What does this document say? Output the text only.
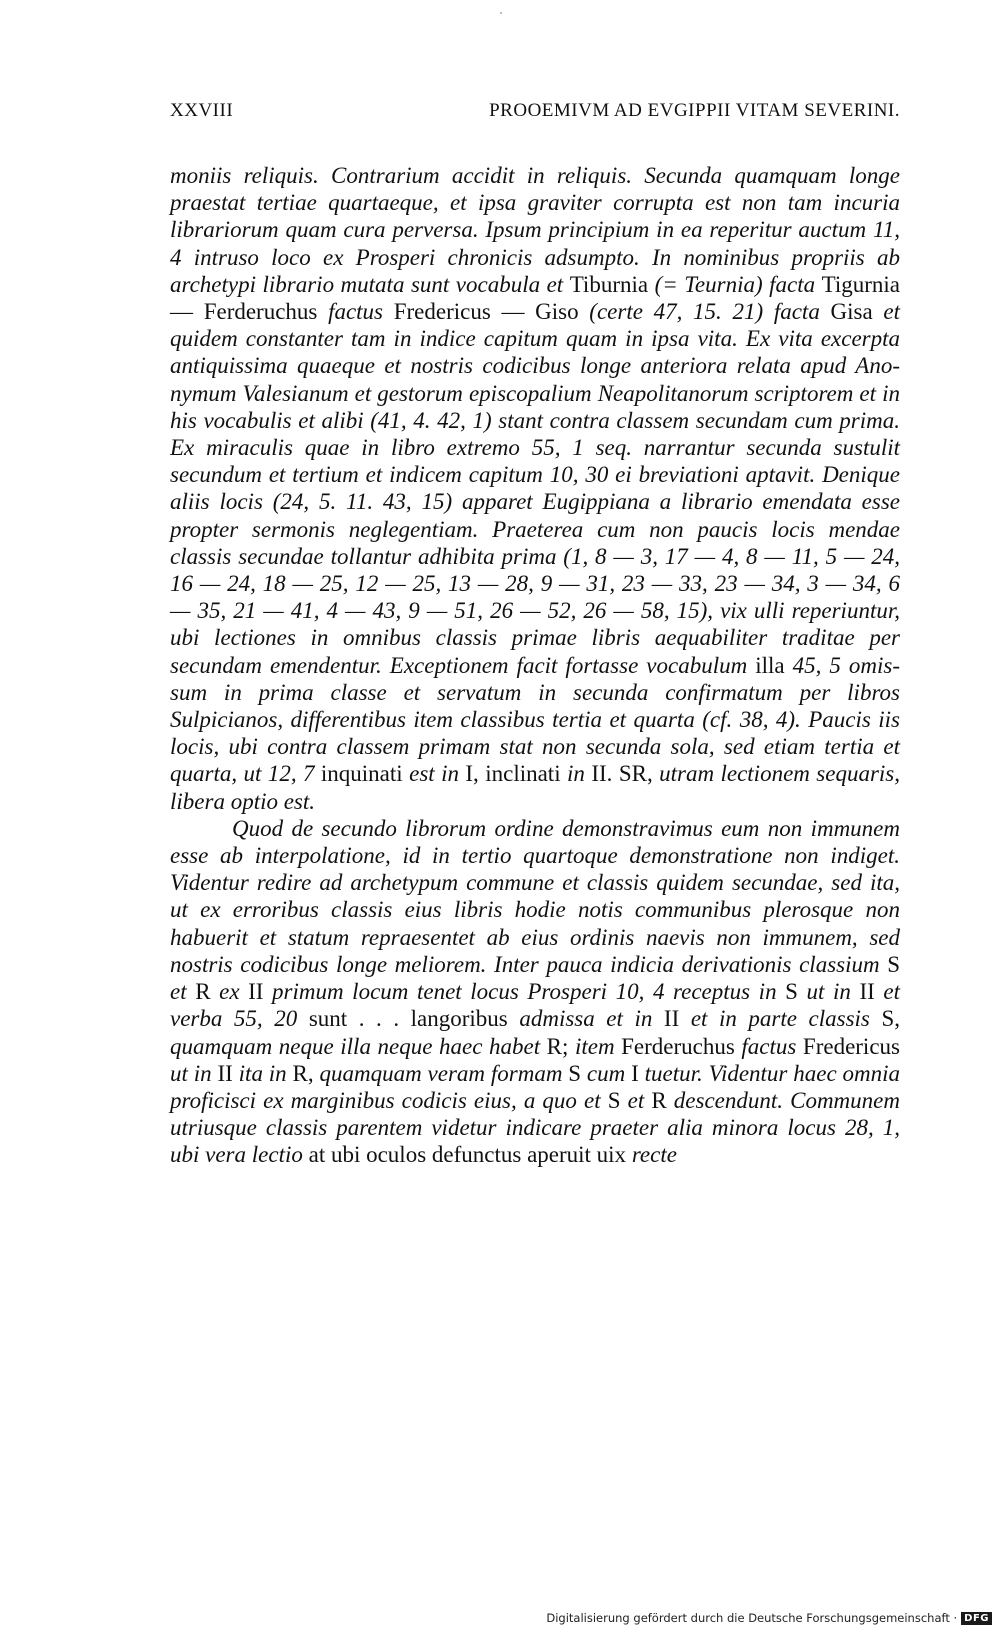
XXVIII	PROOEMIVM AD EVGIPPII VITAM SEVERINI.

moniis reliquis. Contrarium accidit in reliquis. Secunda quamquam longe praestat tertiae quartaeque, et ipsa graviter corrupta est non tam incuria librariorum quam cura perversa. Ipsum principium in ea reperitur auctum 11, 4 intruso loco ex Prosperi chronicis adsumpto. In nominibus propriis ab archetypi librario mutata sunt vocabula et Tiburnia (= Teurnia) facta Tigurnia — Ferderuchus factus Fredericus — Giso (certe 47, 15. 21) facta Gisa et quidem constanter tam in indice capitum quam in ipsa vita. Ex vita excerpta antiquissima quaeque et nostris codicibus longe anteriora relata apud Anonymum Valesianum et gestorum episcopalium Neapolitanorum scriptorem et in his vocabulis et alibi (41, 4. 42, 1) stant contra classem secundam cum prima. Ex miraculis quae in libro extremo 55, 1 seq. narrantur secunda sustulit secundum et tertium et indicem capitum 10, 30 ei breviationi aptavit. Denique aliis locis (24, 5. 11. 43, 15) apparet Eugippiana a librario emendata esse propter sermonis neglegentiam. Praeterea cum non paucis locis mendae classis secundae tollantur adhibita prima (1, 8 — 3, 17 — 4, 8 — 11, 5 — 24, 16 — 24, 18 — 25, 12 — 25, 13 — 28, 9 — 31, 23 — 33, 23 — 34, 3 — 34, 6 — 35, 21 — 41, 4 — 43, 9 — 51, 26 — 52, 26 — 58, 15), vix ulli reperiuntur, ubi lectiones in omnibus classis primae libris aequabiliter traditae per secundam emendentur. Exceptionem facit fortasse vocabulum illa 45, 5 omissum in prima classe et servatum in secunda confirmatum per libros Sulpicianos, differentibus item classibus tertia et quarta (cf. 38, 4). Paucis iis locis, ubi contra classem primam stat non secunda sola, sed etiam tertia et quarta, ut 12, 7 inquinati est in I, inclinati in II. SR, utram lectionem sequaris, libera optio est.

Quod de secundo librorum ordine demonstravimus eum non immunem esse ab interpolatione, id in tertio quartoque demonstratione non indiget. Videntur redire ad archetypum commune et classis quidem secundae, sed ita, ut ex erroribus classis eius libris hodie notis communibus plerosque non habuerit et statum repraesentet ab eius ordinis naevis non immunem, sed nostris codicibus longe meliorem. Inter pauca indicia derivationis classium S et R ex II primum locum tenet locus Prosperi 10, 4 receptus in S ut in II et verba 55, 20 sunt . . . langoribus admissa et in II et in parte classis S, quamquam neque illa neque haec habet R; item Ferderuchus factus Fredericus ut in II ita in R, quamquam veram formam S cum I tuetur. Videntur haec omnia proficisci ex marginibus codicis eius, a quo et S et R descendunt. Communem utriusque classis parentem videtur indicare praeter alia minora locus 28, 1, ubi vera lectio at ubi oculos defunctus aperuit uix recte

Digitalisierung gefördert durch die Deutsche Forschungsgemeinschaft · DFG
